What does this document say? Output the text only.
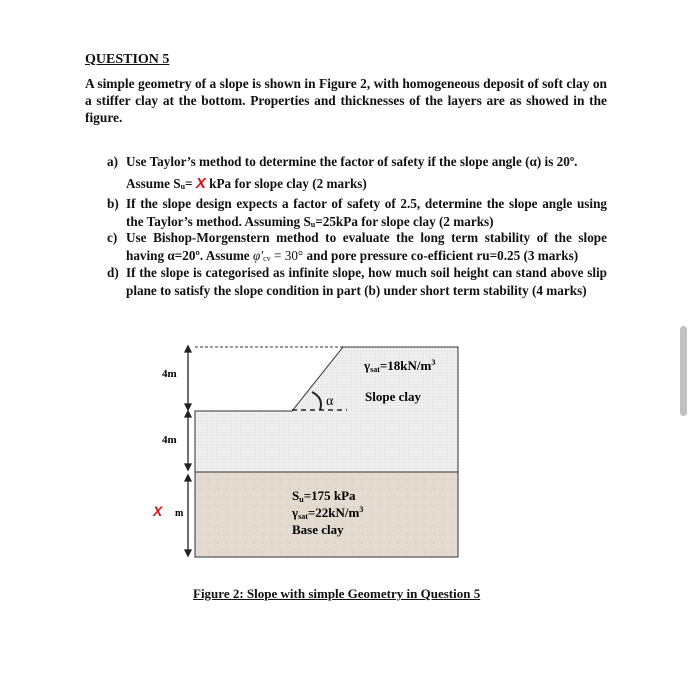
QUESTION 5
A simple geometry of a slope is shown in Figure 2, with homogeneous deposit of soft clay on a stiffer clay at the bottom. Properties and thicknesses of the layers are as showed in the figure.
a) Use Taylor’s method to determine the factor of safety if the slope angle (α) is 20º.
Assume $S_u= X$ kPa for slope clay (2 marks)
b) If the slope design expects a factor of safety of 2.5, determine the slope angle using the Taylor’s method. Assuming $S_u=25kPa$ for slope clay (2 marks)
c) Use Bishop-Morgenstern method to evaluate the long term stability of the slope having α=20º. Assume $\varphi'_{cv} = 30^\circ$ and pore pressure co-efficient ru=0.25 (3 marks)
d) If the slope is categorised as infinite slope, how much soil height can stand above slip plane to satisfy the slope condition in part (b) under short term stability (4 marks)
4m
4m
X m
α
$\gamma sat=18kN/m^3$
Slope clay
Su=175 kPa
$\gamma sat=22kN/m^3$
Base clay
Figure 2: Slope with simple Geometry in Question 5
